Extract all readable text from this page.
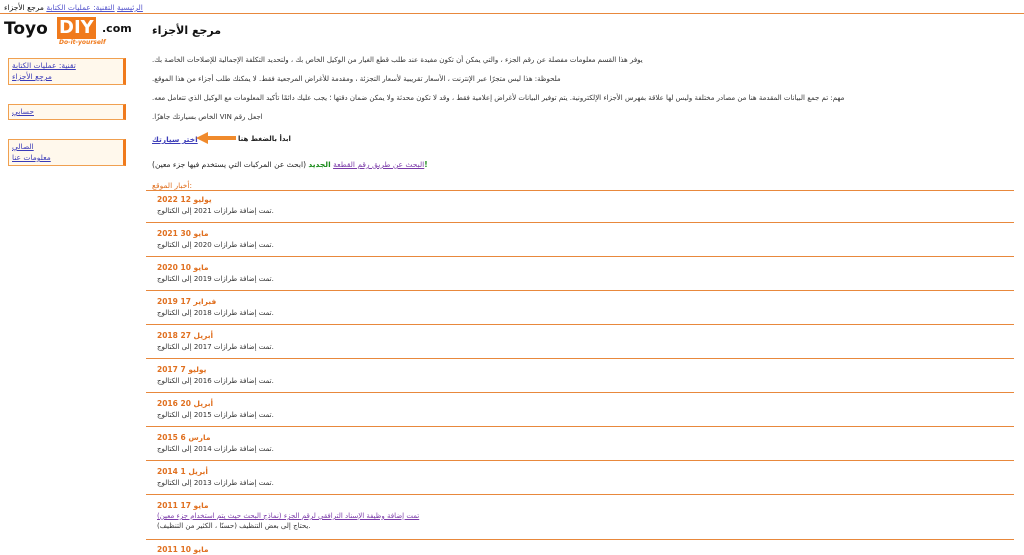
الرئيسية التقنية: عمليات الكتابة مرجع الأجزاء
Toyo DIY .com
Do-it-yourself
تقنية: عمليات الكتابة
مرجع الأجزاء
حسابي
الصالي
معلومات عنا
مرجع الأجزاء
يوفر هذا القسم معلومات مفصلة عن رقم الجزء ، والتي يمكن أن تكون مفيدة عند طلب قطع الغيار من الوكيل الخاص بك ، ولتحديد التكلفة الإجمالية للإصلاحات الخاصة بك.
ملحوظة: هذا ليس متجرًا عبر الإنترنت ، الأسعار تقريبية لأسعار التجزئة ، ومقدمة للأغراض المرجعية فقط. لا يمكنك طلب أجزاء من هذا الموقع.
مهم: تم جمع البيانات المقدمة هنا من مصادر مختلفة وليس لها علاقة بفهرس الأجزاء الإلكترونية. يتم توفير البيانات لأغراض إعلامية فقط ، وقد لا تكون محدثة ولا يمكن ضمان دقتها ؛ يجب عليك دائمًا تأكيد المعلومات مع الوكيل الذي تتعامل معه.
اجعل رقم VIN الخاص بسيارتك جاهزًا.
اختر سيارتك	ابدأ بالضغط هنا
(ابحث عن المركبات التي يستخدم فيها جزء معين)	البحث عن طريق رقم القطعة الجديد!
أخبار الموقع:
يوليو 12 2022
تمت إضافة طرازات 2021 إلى الكتالوج.
مايو 30 2021
تمت إضافة طرازات 2020 إلى الكتالوج.
مايو 10 2020
تمت إضافة طرازات 2019 إلى الكتالوج.
فبراير 17 2019
تمت إضافة طرازات 2018 إلى الكتالوج.
أبريل 27 2018
تمت إضافة طرازات 2017 إلى الكتالوج.
يوليو 7 2017
تمت إضافة طرازات 2016 إلى الكتالوج.
أبريل 20 2016
تمت إضافة طرازات 2015 إلى الكتالوج.
مارس 6 2015
تمت إضافة طرازات 2014 إلى الكتالوج.
أبريل 1 2014
تمت إضافة طرازات 2013 إلى الكتالوج.
مايو 17 2011
تمت إضافة وظيفة الإسناد الترافقي لرقم الجزء (نماذج البحث حيث يتم استخدام جزء معين)
يحتاج إلى بعض التنظيف (حسنًا ، الكثير من التنظيف).
مايو 10 2011
